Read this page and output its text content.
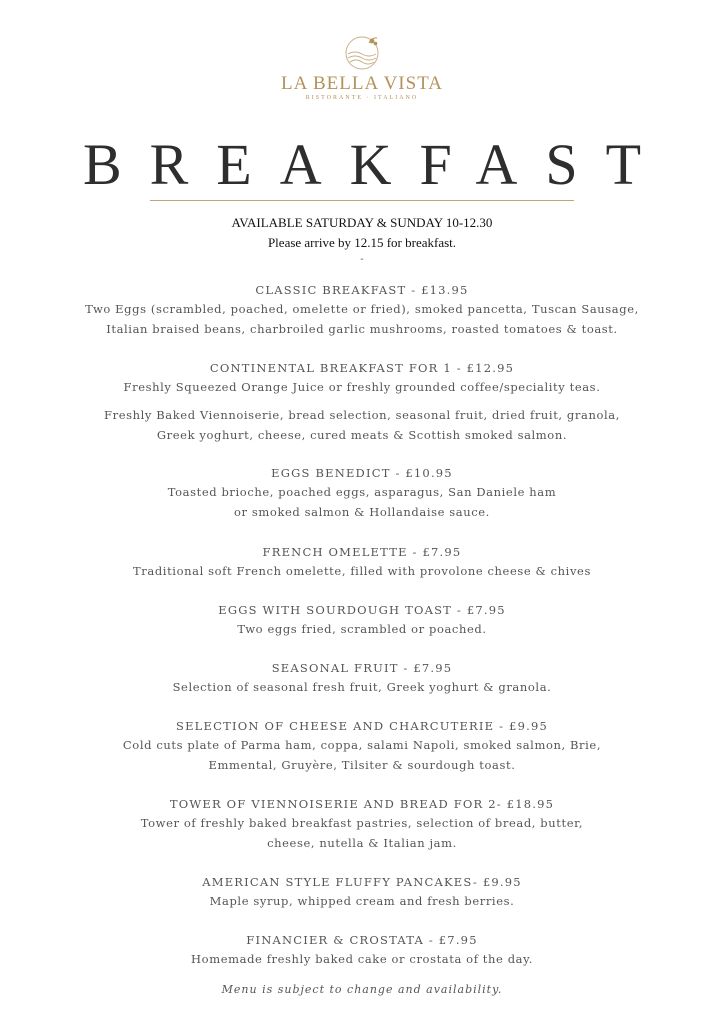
LA BELLA VISTA
RISTORANTE · ITALIANO
BREAKFAST
AVAILABLE SATURDAY & SUNDAY 10-12.30
Please arrive by 12.15 for breakfast.
-
CLASSIC BREAKFAST - £13.95
Two Eggs (scrambled, poached, omelette or fried), smoked pancetta, Tuscan Sausage,
Italian braised beans, charbroiled garlic mushrooms, roasted tomatoes & toast.
CONTINENTAL BREAKFAST FOR 1 - £12.95
Freshly Squeezed Orange Juice or freshly grounded coffee/speciality teas.
Freshly Baked Viennoiserie, bread selection, seasonal fruit, dried fruit, granola,
Greek yoghurt, cheese, cured meats & Scottish smoked salmon.
EGGS BENEDICT - £10.95
Toasted brioche, poached eggs, asparagus, San Daniele ham
or smoked salmon & Hollandaise sauce.
FRENCH OMELETTE - £7.95
Traditional soft French omelette, filled with provolone cheese & chives
EGGS WITH SOURDOUGH TOAST - £7.95
Two eggs fried, scrambled or poached.
SEASONAL FRUIT - £7.95
Selection of seasonal fresh fruit, Greek yoghurt & granola.
SELECTION OF CHEESE AND CHARCUTERIE - £9.95
Cold cuts plate of Parma ham, coppa, salami Napoli, smoked salmon, Brie,
Emmental, Gruyère, Tilsiter & sourdough toast.
TOWER OF VIENNOISERIE AND BREAD FOR 2- £18.95
Tower of freshly baked breakfast pastries, selection of bread, butter,
cheese, nutella & Italian jam.
AMERICAN STYLE FLUFFY PANCAKES- £9.95
Maple syrup, whipped cream and fresh berries.
FINANCIER & CROSTATA - £7.95
Homemade freshly baked cake or crostata of the day.
Menu is subject to change and availability.
